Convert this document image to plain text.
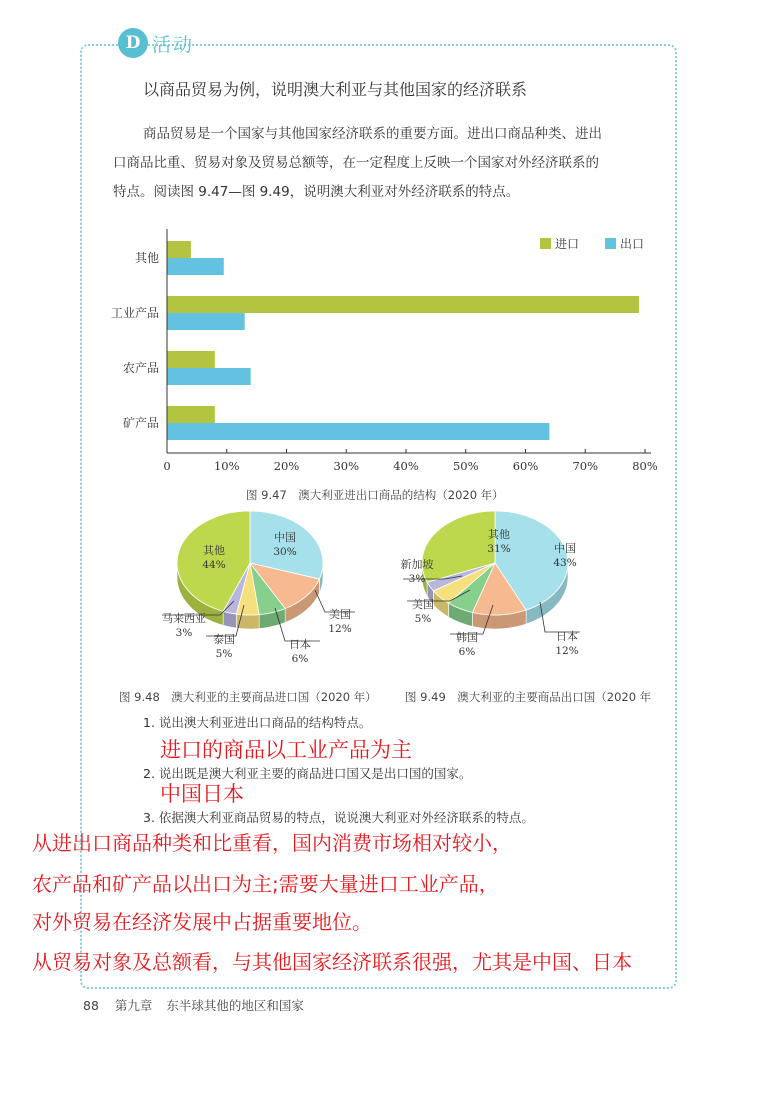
D 活动
以商品贸易为例，说明澳大利亚与其他国家的经济联系
商品贸易是一个国家与其他国家经济联系的重要方面。进出口商品种类、进出
口商品比重、贸易对象及贸易总额等，在一定程度上反映一个国家对外经济联系的
特点。阅读图 9.47—图 9.49，说明澳大利亚对外经济联系的特点。
其他
工业产品
农产品
矿产品
0	10%	20%	30%	40%	50%	60%	70%	80%
进口	出口
图 9.47　澳大利亚进出口商品的结构（2020 年）
中国
30%
其他
44%
美国
12%
日本
6%
泰国
5%
马来西亚
3%
中国
43%
其他
31%
日本
12%
韩国
6%
美国
5%
新加坡
3%
图 9.48　澳大利亚的主要商品进口国（2020 年） 图 9.49　澳大利亚的主要商品出口国（2020 年
1. 说出澳大利亚进出口商品的结构特点。
进口的商品以工业产品为主
2. 说出既是澳大利亚主要的商品进口国又是出口国的国家。
中国日本
3. 依据澳大利亚商品贸易的特点，说说澳大利亚对外经济联系的特点。
从进出口商品种类和比重看，国内消费市场相对较小，
农产品和矿产品以出口为主;需要大量进口工业产品，
对外贸易在经济发展中占据重要地位。
从贸易对象及总额看，与其他国家经济联系很强，尤其是中国、日本
88 第九章 东半球其他的地区和国家
